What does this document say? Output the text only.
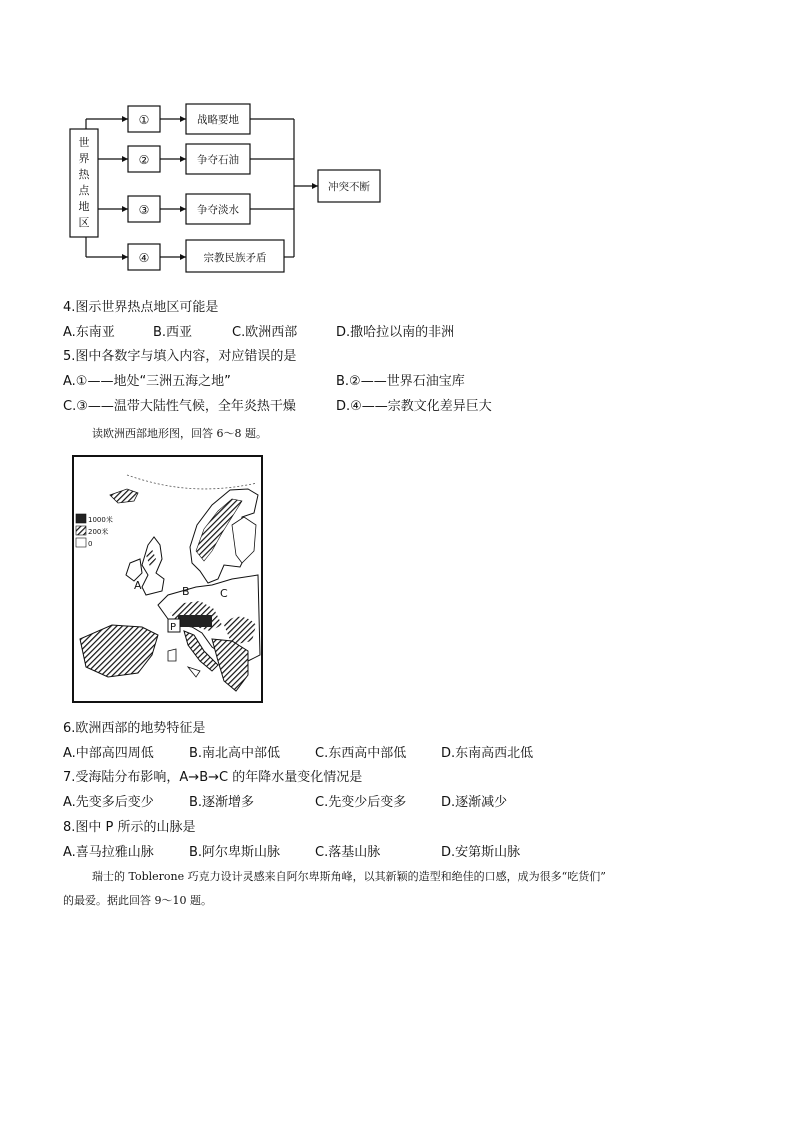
世界热点地区
①
②
③
④
战略要地
争夺石油
争夺淡水
宗教民族矛盾
冲突不断
4.图示世界热点地区可能是
A.东南亚	B.西亚	C.欧洲西部	D.撒哈拉以南的非洲
5.图中各数字与填入内容，对应错误的是
A.①——地处“三洲五海之地”	B.②——世界石油宝库
C.③——温带大陆性气候，全年炎热干燥	D.④——宗教文化差异巨大
读欧洲西部地形图，回答 6～8 题。
1000米
200米
0
A	B	C
P
6.欧洲西部的地势特征是
A.中部高四周低	B.南北高中部低	C.东西高中部低	D.东南高西北低
7.受海陆分布影响，A→B→C 的年降水量变化情况是
A.先变多后变少	B.逐渐增多	C.先变少后变多	D.逐渐减少
8.图中 P 所示的山脉是
A.喜马拉雅山脉	B.阿尔卑斯山脉	C.落基山脉	D.安第斯山脉
瑞士的 Toblerone 巧克力设计灵感来自阿尔卑斯角峰，以其新颖的造型和绝佳的口感，成为很多“吃货们”
的最爱。据此回答 9～10 题。
